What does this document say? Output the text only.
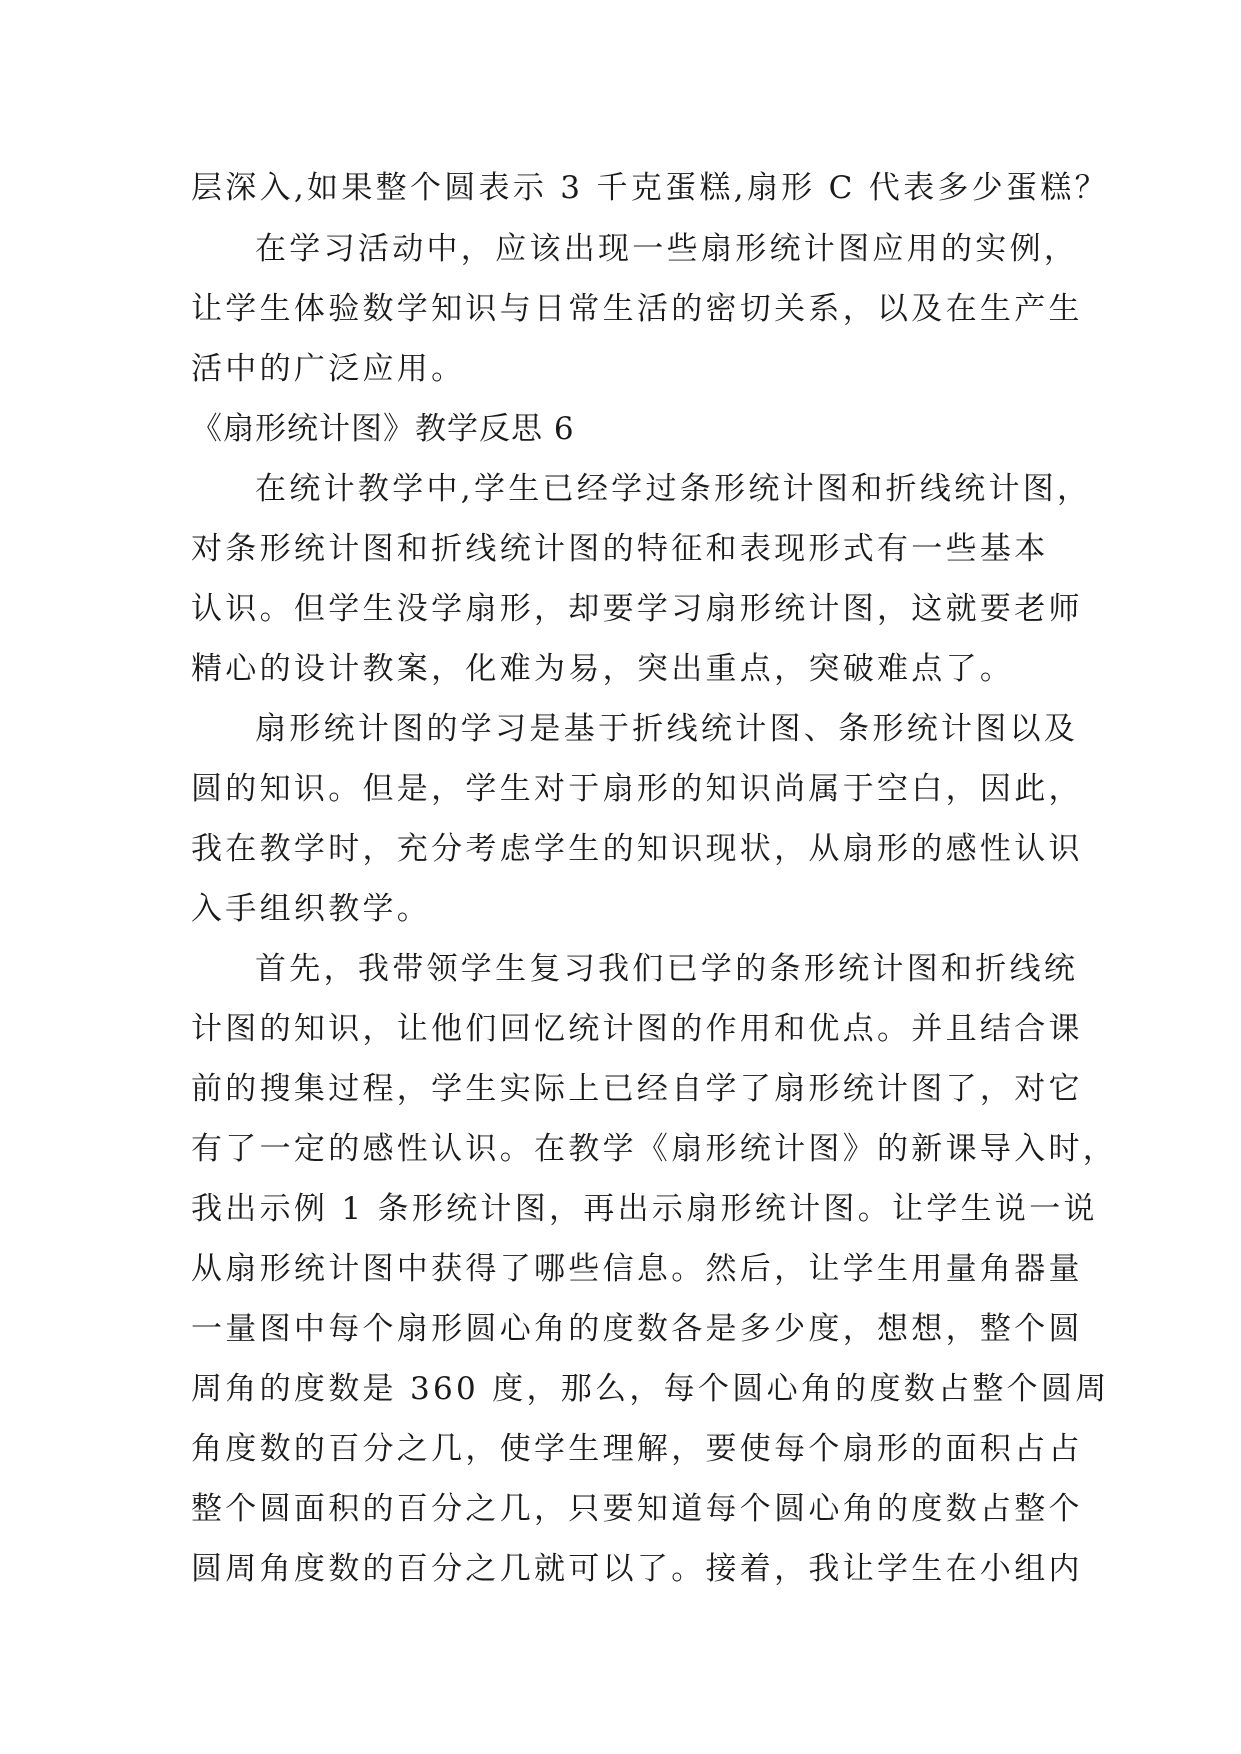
层深入,如果整个圆表示 3 千克蛋糕,扇形 C 代表多少蛋糕？
在学习活动中，应该出现一些扇形统计图应用的实例，
让学生体验数学知识与日常生活的密切关系，以及在生产生
活中的广泛应用。
《扇形统计图》教学反思 6
在统计教学中,学生已经学过条形统计图和折线统计图，
对条形统计图和折线统计图的特征和表现形式有一些基本
认识。但学生没学扇形，却要学习扇形统计图，这就要老师
精心的设计教案，化难为易，突出重点，突破难点了。
扇形统计图的学习是基于折线统计图、条形统计图以及
圆的知识。但是，学生对于扇形的知识尚属于空白，因此，
我在教学时，充分考虑学生的知识现状，从扇形的感性认识
入手组织教学。
首先，我带领学生复习我们已学的条形统计图和折线统
计图的知识，让他们回忆统计图的作用和优点。并且结合课
前的搜集过程，学生实际上已经自学了扇形统计图了，对它
有了一定的感性认识。在教学《扇形统计图》的新课导入时，
我出示例 1 条形统计图，再出示扇形统计图。让学生说一说
从扇形统计图中获得了哪些信息。然后，让学生用量角器量
一量图中每个扇形圆心角的度数各是多少度，想想，整个圆
周角的度数是 360 度，那么，每个圆心角的度数占整个圆周
角度数的百分之几，使学生理解，要使每个扇形的面积占占
整个圆面积的百分之几，只要知道每个圆心角的度数占整个
圆周角度数的百分之几就可以了。接着，我让学生在小组内
